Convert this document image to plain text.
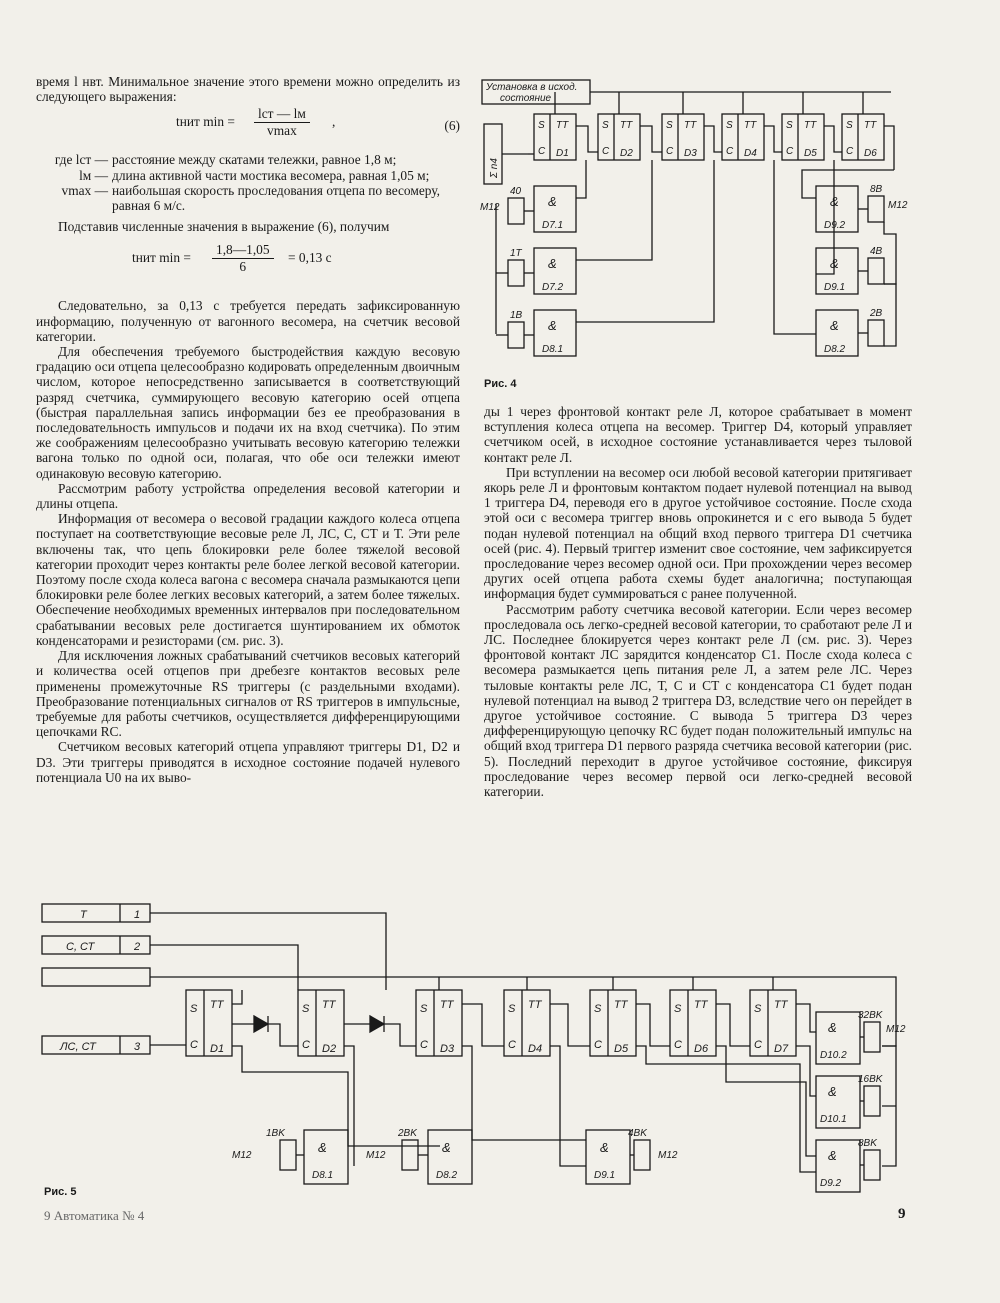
время l нвт. Минимальное значение этого времени можно определить из следующего выражения:

tнит min =
lст — lм
vmax
,	(6)
где lст — расстояние между скатами тележки, равное 1,8 м;
lм — длина активной части мостика весомера, равная 1,05 м;
vmax — наибольшая скорость проследования отцепа по весомеру, равная 6 м/с.

Подставив численные значения в выражение (6), получим

tнит $\min = \frac{1,8—1,05}{6} = 0,13$ с

Следовательно, за 0,13 с требуется передать зафиксированную информацию, полученную от вагонного весомера, на счетчик весовой категории.

Для обеспечения требуемого быстродействия каждую весовую градацию оси отцепа целесообразно кодировать определенным двоичным числом, которое непосредственно записывается в соответствующий разряд счетчика, суммирующего весовую категорию осей отцепа (быстрая параллельная запись информации без ее преобразования в последовательность импульсов и подачи их на вход счетчика). По этим же соображениям целесообразно учитывать весовую категорию тележки вагона только по одной оси, полагая, что обе оси тележки имеют одинаковую весовую категорию.

Рассмотрим работу устройства определения весовой категории и длины отцепа.

Информация от весомера о весовой градации каждого колеса отцепа поступает на соответствующие весовые реле Л, ЛС, С, СТ и Т. Эти реле включены так, что цепь блокировки реле более тяжелой весовой категории проходит через контакты реле более легкой весовой категории. Поэтому после схода колеса вагона с весомера сначала размыкаются цепи блокировки реле более легких весовых категорий, а затем более тяжелых. Обеспечение необходимых временных интервалов при последовательном срабатывании весовых реле достигается шунтированием их обмоток конденсаторами и резисторами (см. рис. 3).

Для исключения ложных срабатываний счетчиков весовых категорий и количества осей отцепов при дребезге контактов весовых реле применены промежуточные RS триггеры (с раздельными входами). Преобразование потенциальных сигналов от RS триггеров в импульсные, требуемые для работы счетчиков, осуществляется дифференцирующими цепочками RC.

Счетчиком весовых категорий отцепа управляют триггеры D1, D2 и D3. Эти триггеры приводятся в исходное состояние подачей нулевого потенциала U0 на их выво-

Установка в исход.
состояние
Σ n4
S TT
C D1
S TT
C D2
S TT
C D3
S TT
C D4
S TT
C D5
S TT
C D6
&
D7.1
40
M12
&
D7.2
1T
&
D8.1
1B
&
D9.2
8B
M12
&
D9.1
4B
&
D8.2
2B
Рис. 4

ды 1 через фронтовой контакт реле Л, которое срабатывает в момент вступления колеса отцепа на весомер. Триггер D4, который управляет счетчиком осей, в исходное состояние устанавливается через тыловой контакт реле Л.

При вступлении на весомер оси любой весовой категории притягивает якорь реле Л и фронтовым контактом подает нулевой потенциал на вывод 1 триггера D4, переводя его в другое устойчивое состояние. После схода этой оси с весомера триггер вновь опрокинется и с его вывода 5 будет подан нулевой потенциал на общий вход первого триггера D1 счетчика осей (рис. 4). Первый триггер изменит свое состояние, чем зафиксируется проследование через весомер одной оси. При прохождении через весомер других осей отцепа работа схемы будет аналогична; поступающая информация будет суммироваться с ранее полученной.

Рассмотрим работу счетчика весовой категории. Если через весомер проследовала ось легко-средней весовой категории, то сработают реле Л и ЛС. Последнее блокируется через контакт реле Л (см. рис. 3). Через фронтовой контакт ЛС зарядится конденсатор C1. После схода колеса с весомера размыкается цепь питания реле Л, а затем реле ЛС. Через тыловые контакты реле ЛС, Т, С и СТ с конденсатора C1 будет подан нулевой потенциал на вывод 2 триггера D3, вследствие чего он перейдет в другое устойчивое состояние. С вывода 5 триггера D3 через дифференцирующую цепочку RC будет подан положительный импульс на общий вход триггера D1 первого разряда счетчика весовой категории (рис. 5). Последний переходит в другое устойчивое состояние, фиксируя проследование через весомер первой оси легко-средней весовой категории.

Т	1
С, СТ	2
ЛС, СТ	3
S TT
C D1
S TT
C D2
S TT
C D3
S TT
C D4
S TT
C D5
S TT
C D6
S TT
C D7
&
D8.1
1BK
M12
&
D8.2
2BK
M12
&
D9.1
4BK
M12
&
D10.2
32BK
M12
&
D10.1
16BK
&
D9.2
8BK
Рис. 5
9 Автоматика № 4	9
